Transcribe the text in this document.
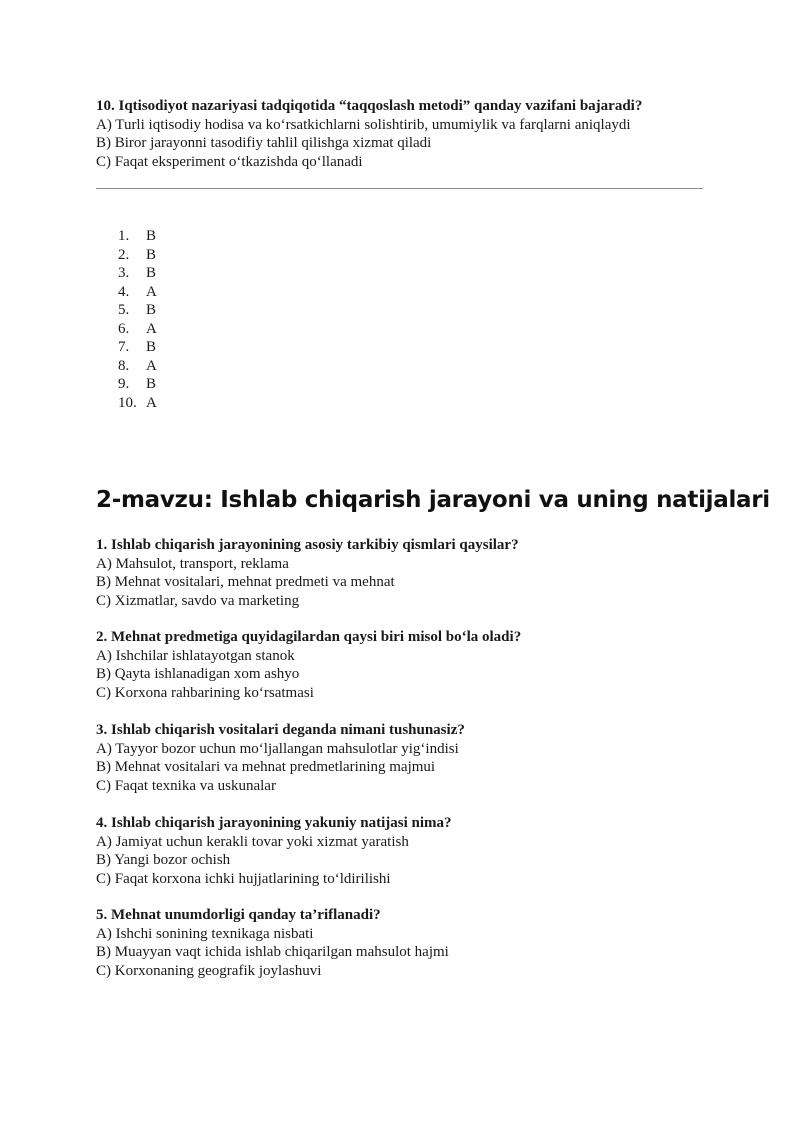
10. Iqtisodiyot nazariyasi tadqiqotida “taqqoslash metodi” qanday vazifani bajaradi?

A) Turli iqtisodiy hodisa va ko‘rsatkichlarni solishtirib, umumiylik va farqlarni aniqlaydi

B) Biror jarayonni tasodifiy tahlil qilishga xizmat qiladi

C) Faqat eksperiment o‘tkazishda qo‘llanadi

1. B
2. B
3. B
4. A
5. B
6. A
7. B
8. A
9. B
10. A
2-mavzu: Ishlab chiqarish jarayoni va uning natijalari

1. Ishlab chiqarish jarayonining asosiy tarkibiy qismlari qaysilar?

A) Mahsulot, transport, reklama

B) Mehnat vositalari, mehnat predmeti va mehnat

C) Xizmatlar, savdo va marketing

2. Mehnat predmetiga quyidagilardan qaysi biri misol bo‘la oladi?

A) Ishchilar ishlatayotgan stanok

B) Qayta ishlanadigan xom ashyo

C) Korxona rahbarining ko‘rsatmasi

3. Ishlab chiqarish vositalari deganda nimani tushunasiz?

A) Tayyor bozor uchun mo‘ljallangan mahsulotlar yig‘indisi

B) Mehnat vositalari va mehnat predmetlarining majmui

C) Faqat texnika va uskunalar

4. Ishlab chiqarish jarayonining yakuniy natijasi nima?

A) Jamiyat uchun kerakli tovar yoki xizmat yaratish

B) Yangi bozor ochish

C) Faqat korxona ichki hujjatlarining to‘ldirilishi

5. Mehnat unumdorligi qanday ta’riflanadi?

A) Ishchi sonining texnikaga nisbati

B) Muayyan vaqt ichida ishlab chiqarilgan mahsulot hajmi

C) Korxonaning geografik joylashuvi
